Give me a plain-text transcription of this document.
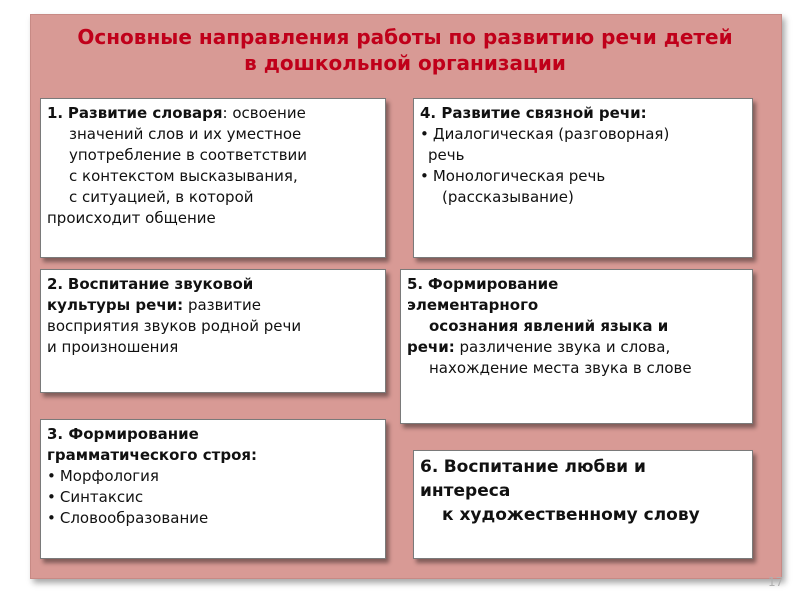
Основные направления работы по развитию речи детей
в дошкольной организации
1. Развитие словаря: освоение
значений слов и их уместное
употребление в соответствии
с контекстом высказывания,
с ситуацией, в которой
происходит общение
4. Развитие связной речи:
• Диалогическая (разговорная)
речь
• Монологическая речь
(рассказывание)
2. Воспитание звуковой
культуры речи: развитие
восприятия звуков родной речи
и произношения
5. Формирование
элементарного
осознания явлений языка и
речи: различение звука и слова,
нахождение места звука в слове
3. Формирование
грамматического строя:
• Морфология
• Синтаксис
• Словообразование
6. Воспитание любви и
интереса
к художественному слову
17
